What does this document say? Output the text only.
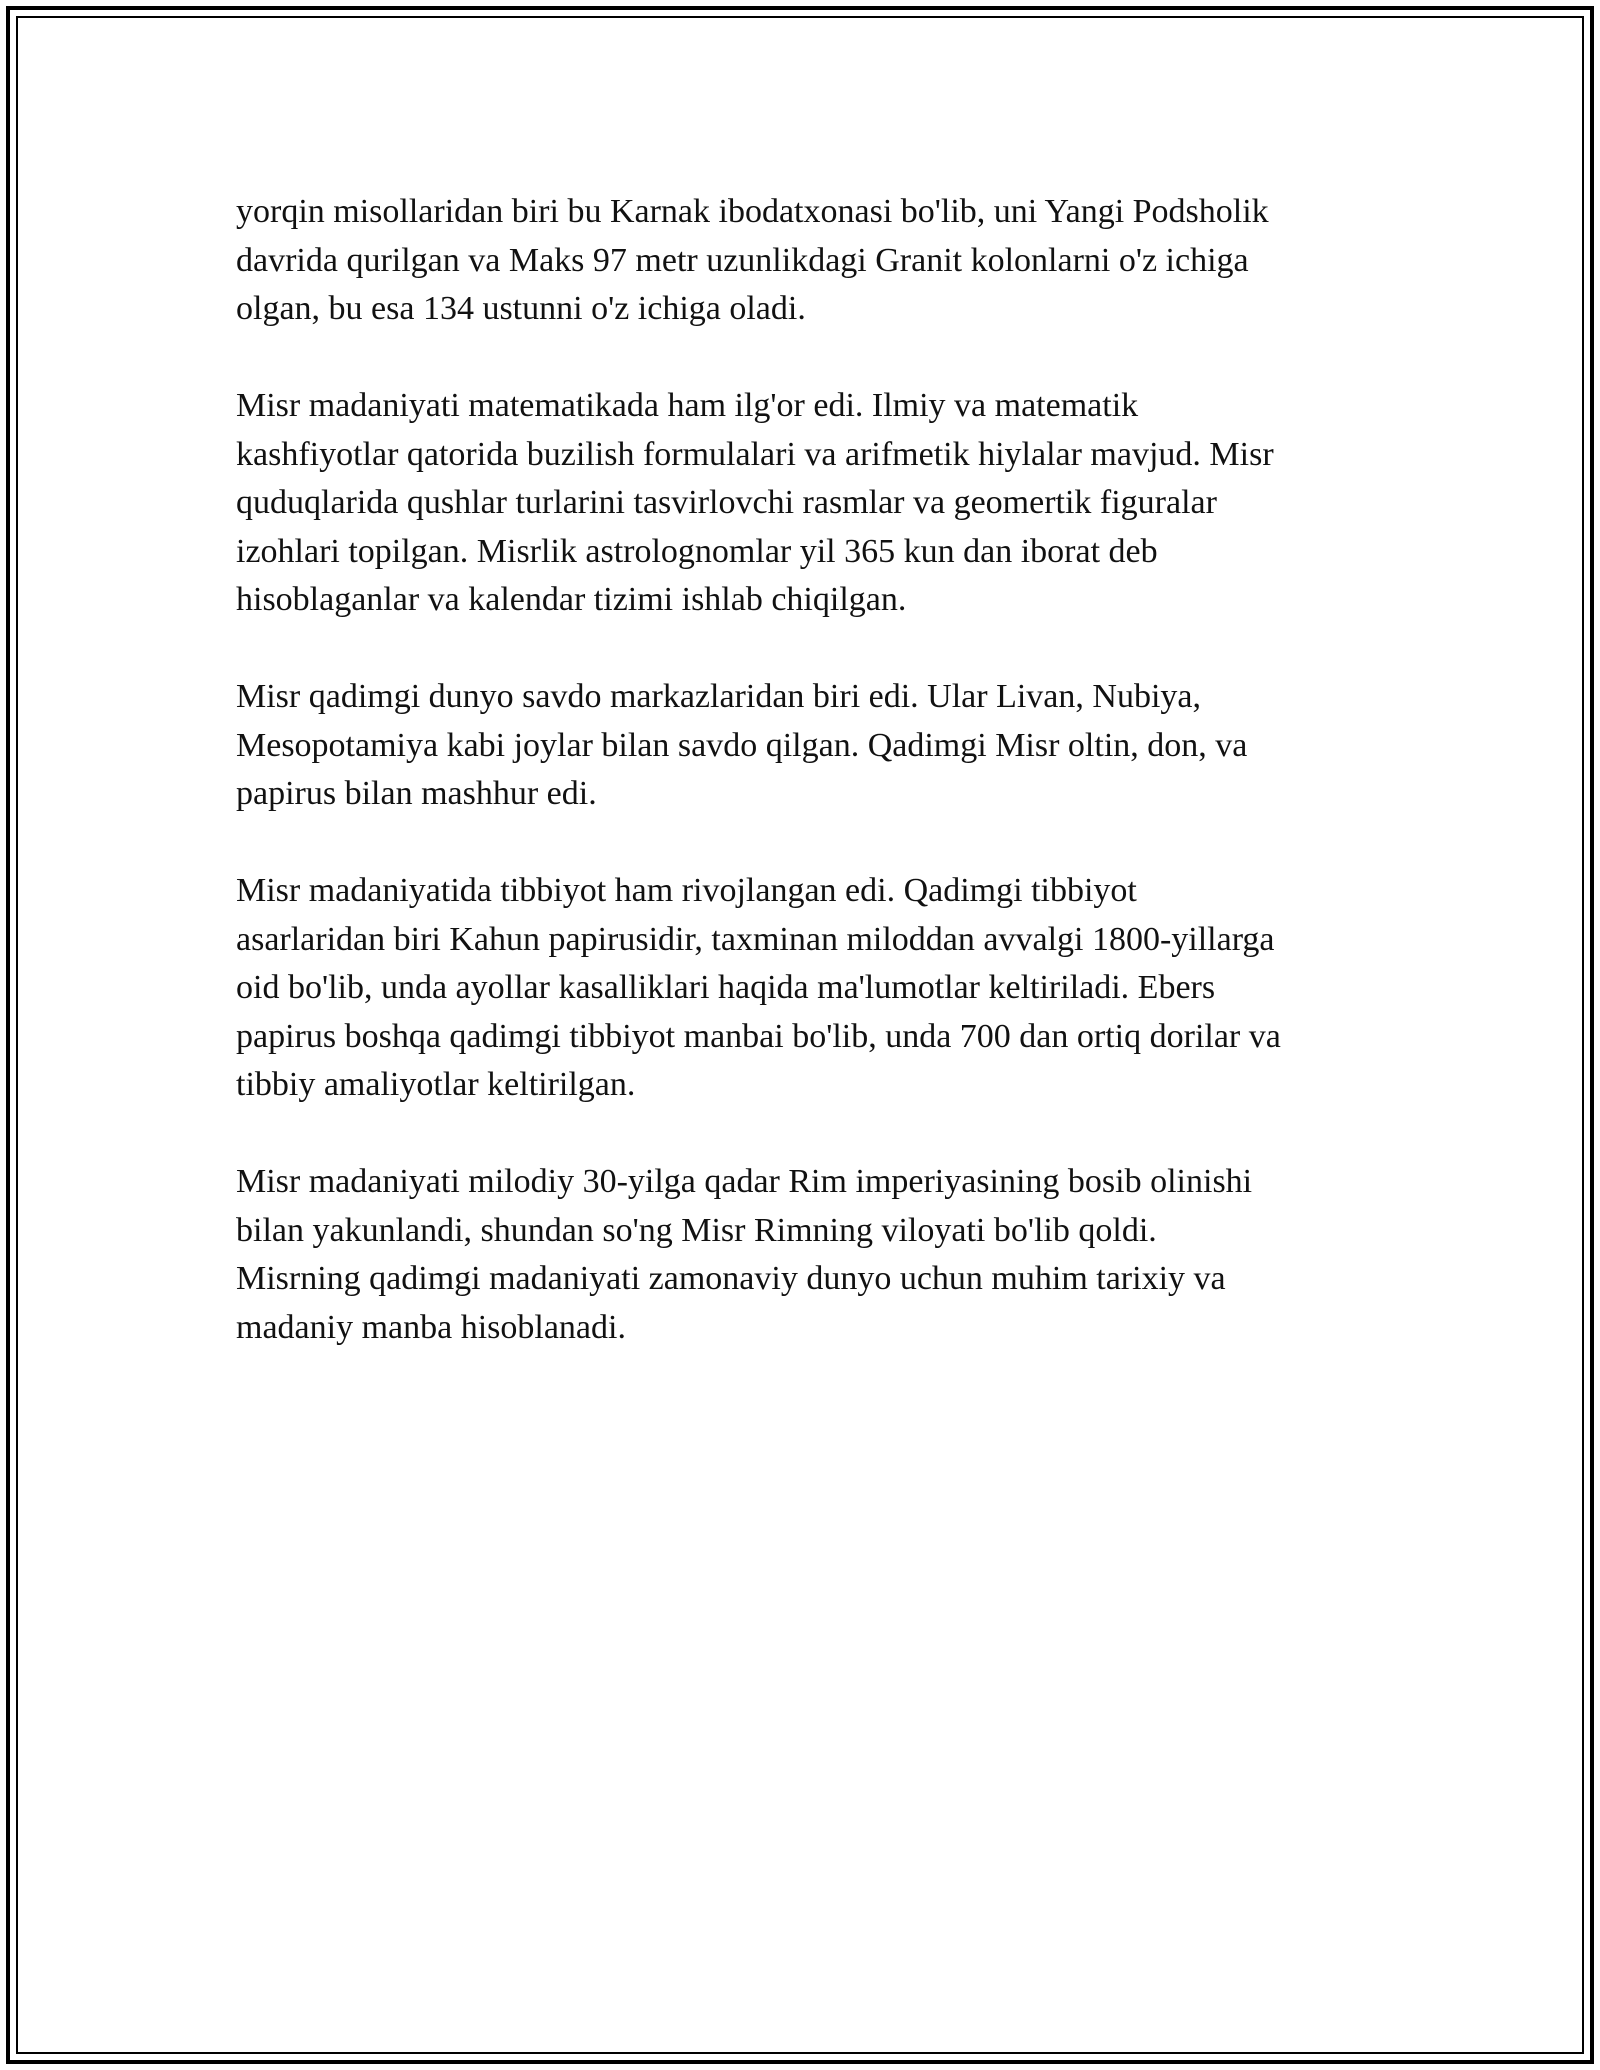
yorqin misollaridan biri bu Karnak ibodatxonasi bo'lib, uni Yangi Podsholik
davrida qurilgan va Maks 97 metr uzunlikdagi Granit kolonlarni o'z ichiga
olgan, bu esa 134 ustunni o'z ichiga oladi.

Misr madaniyati matematikada ham ilg'or edi. Ilmiy va matematik
kashfiyotlar qatorida buzilish formulalari va arifmetik hiylalar mavjud. Misr
quduqlarida qushlar turlarini tasvirlovchi rasmlar va geomertik figuralar
izohlari topilgan. Misrlik astrolognomlar yil 365 kun dan iborat deb
hisoblaganlar va kalendar tizimi ishlab chiqilgan.

Misr qadimgi dunyo savdo markazlaridan biri edi. Ular Livan, Nubiya,
Mesopotamiya kabi joylar bilan savdo qilgan. Qadimgi Misr oltin, don, va
papirus bilan mashhur edi.

Misr madaniyatida tibbiyot ham rivojlangan edi. Qadimgi tibbiyot
asarlaridan biri Kahun papirusidir, taxminan miloddan avvalgi 1800-yillarga
oid bo'lib, unda ayollar kasalliklari haqida ma'lumotlar keltiriladi. Ebers
papirus boshqa qadimgi tibbiyot manbai bo'lib, unda 700 dan ortiq dorilar va
tibbiy amaliyotlar keltirilgan.

Misr madaniyati milodiy 30-yilga qadar Rim imperiyasining bosib olinishi
bilan yakunlandi, shundan so'ng Misr Rimning viloyati bo'lib qoldi.
Misrning qadimgi madaniyati zamonaviy dunyo uchun muhim tarixiy va
madaniy manba hisoblanadi.
